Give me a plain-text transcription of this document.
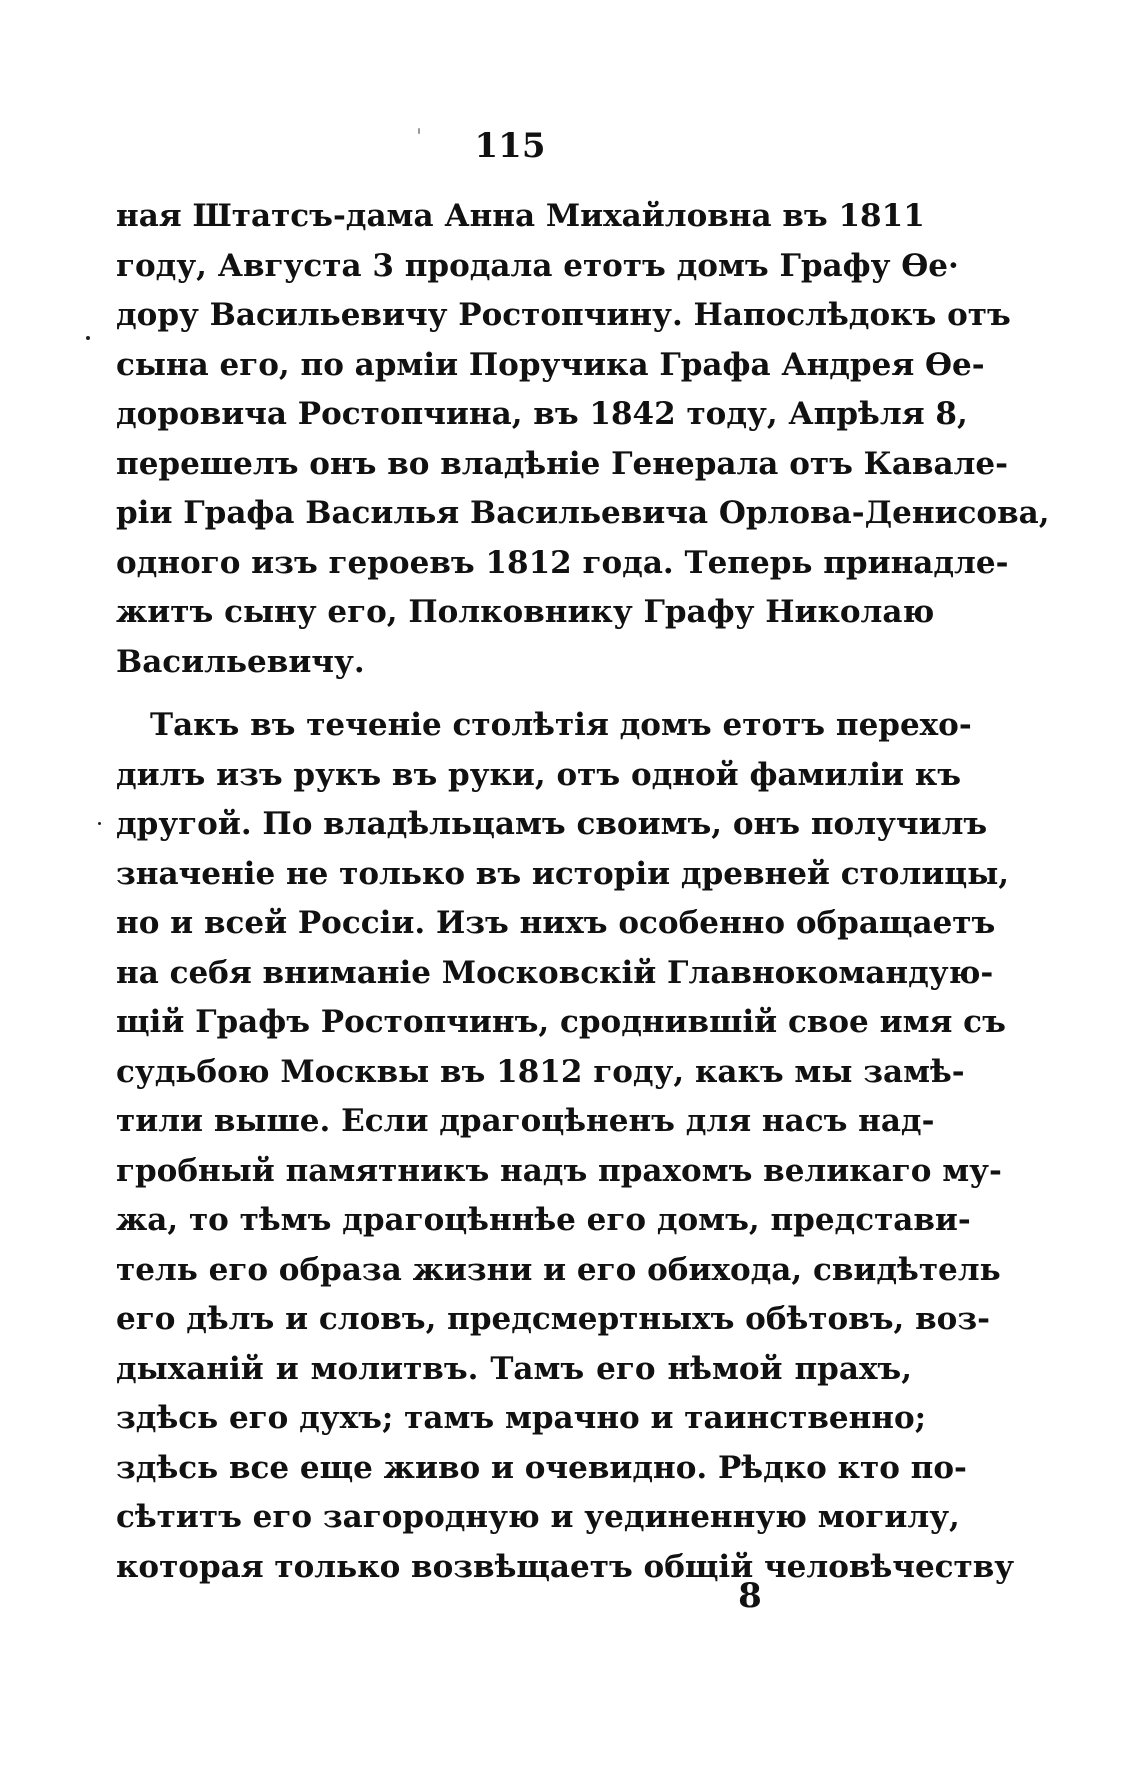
115
ная Штатсъ-дама Анна Михайловна въ 1811
году, Августа 3 продала етотъ домъ Графу Ѳе·
дору Васильевичу Ростопчину. Напослѣдокъ отъ
сына его, по арміи Поручика Графа Андрея Ѳе-
доровича Ростопчина, въ 1842 тоду, Апрѣля 8,
перешелъ онъ во владѣніе Генерала отъ Кавале-
ріи Графа Василья Васильевича Орлова-Денисова,
одного изъ героевъ 1812 года. Теперь принадле-
житъ сыну его, Полковнику Графу Николаю
Васильевичу.
Такъ въ теченіе столѣтія домъ етотъ перехо-
дилъ изъ рукъ въ руки, отъ одной фамиліи къ
другой. По владѣльцамъ своимъ, онъ получилъ
значеніе не только въ исторіи древней столицы,
но и всей Россіи. Изъ нихъ особенно обращаетъ
на себя вниманіе Московскій Главнокомандую-
щій Графъ Ростопчинъ, сроднившій свое имя съ
судьбою Москвы въ 1812 году, какъ мы замѣ-
тили выше. Если драгоцѣненъ для насъ над-
гробный памятникъ надъ прахомъ великаго му-
жа, то тѣмъ драгоцѣннѣе его домъ, представи-
тель его образа жизни и его обихода, свидѣтель
его дѣлъ и словъ, предсмертныхъ обѣтовъ, воз-
дыханій и молитвъ. Тамъ его нѣмой прахъ,
здѣсь его духъ; тамъ мрачно и таинственно;
здѣсь все еще живо и очевидно. Рѣдко кто по-
сѣтитъ его загородную и уединенную могилу,
которая только возвѣщаетъ общій человѣчеству
8
